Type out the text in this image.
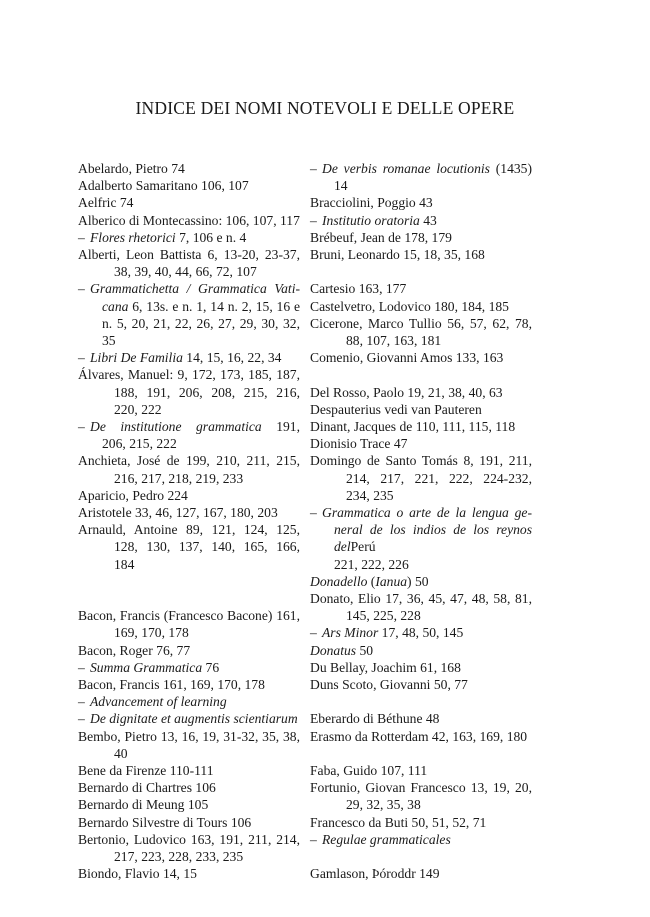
INDICE DEI NOMI NOTEVOLI E DELLE OPERE
Abelardo, Pietro 74
Adalberto Samaritano 106, 107
Aelfric 74
Alberico di Montecassino: 106, 107, 117
– Flores rhetorici 7, 106 e n. 4
Alberti, Leon Battista 6, 13-20, 23-37,
38, 39, 40, 44, 66, 72, 107
– Grammatichetta / Grammatica Vati-
cana 6, 13s. e n. 1, 14 n. 2, 15, 16 e
n. 5, 20, 21, 22, 26, 27, 29, 30, 32,
35
– Libri De Familia 14, 15, 16, 22, 34
Álvares, Manuel: 9, 172, 173, 185, 187,
188, 191, 206, 208, 215, 216,
220, 222
– De institutione grammatica 191,
206, 215, 222
Anchieta, José de 199, 210, 211, 215,
216, 217, 218, 219, 233
Aparicio, Pedro 224
Aristotele 33, 46, 127, 167, 180, 203
Arnauld, Antoine 89, 121, 124, 125,
128, 130, 137, 140, 165, 166,
184
Bacon, Francis (Francesco Bacone) 161,
169, 170, 178
Bacon, Roger 76, 77
– Summa Grammatica 76
Bacon, Francis 161, 169, 170, 178
– Advancement of learning
– De dignitate et augmentis scientiarum
Bembo, Pietro 13, 16, 19, 31-32, 35, 38,
40
Bene da Firenze 110-111
Bernardo di Chartres 106
Bernardo di Meung 105
Bernardo Silvestre di Tours 106
Bertonio, Ludovico 163, 191, 211, 214,
217, 223, 228, 233, 235
Biondo, Flavio 14, 15
– De verbis romanae locutionis (1435)
14
Bracciolini, Poggio 43
– Institutio oratoria 43
Brébeuf, Jean de 178, 179
Bruni, Leonardo 15, 18, 35, 168
Cartesio 163, 177
Castelvetro, Lodovico 180, 184, 185
Cicerone, Marco Tullio 56, 57, 62, 78,
88, 107, 163, 181
Comenio, Giovanni Amos 133, 163
Del Rosso, Paolo 19, 21, 38, 40, 63
Despauterius vedi van Pauteren
Dinant, Jacques de 110, 111, 115, 118
Dionisio Trace 47
Domingo de Santo Tomás 8, 191, 211,
214, 217, 221, 222, 224-232,
234, 235
– Grammatica o arte de la lengua ge-
neral de los indios de los reynos delPerú
221, 222, 226
Donadello (Ianua) 50
Donato, Elio 17, 36, 45, 47, 48, 58, 81,
145, 225, 228
– Ars Minor 17, 48, 50, 145
Donatus 50
Du Bellay, Joachim 61, 168
Duns Scoto, Giovanni 50, 77
Eberardo di Béthune 48
Erasmo da Rotterdam 42, 163, 169, 180
Faba, Guido 107, 111
Fortunio, Giovan Francesco 13, 19, 20,
29, 32, 35, 38
Francesco da Buti 50, 51, 52, 71
– Regulae grammaticales
Gamlason, Þóroddr 149
